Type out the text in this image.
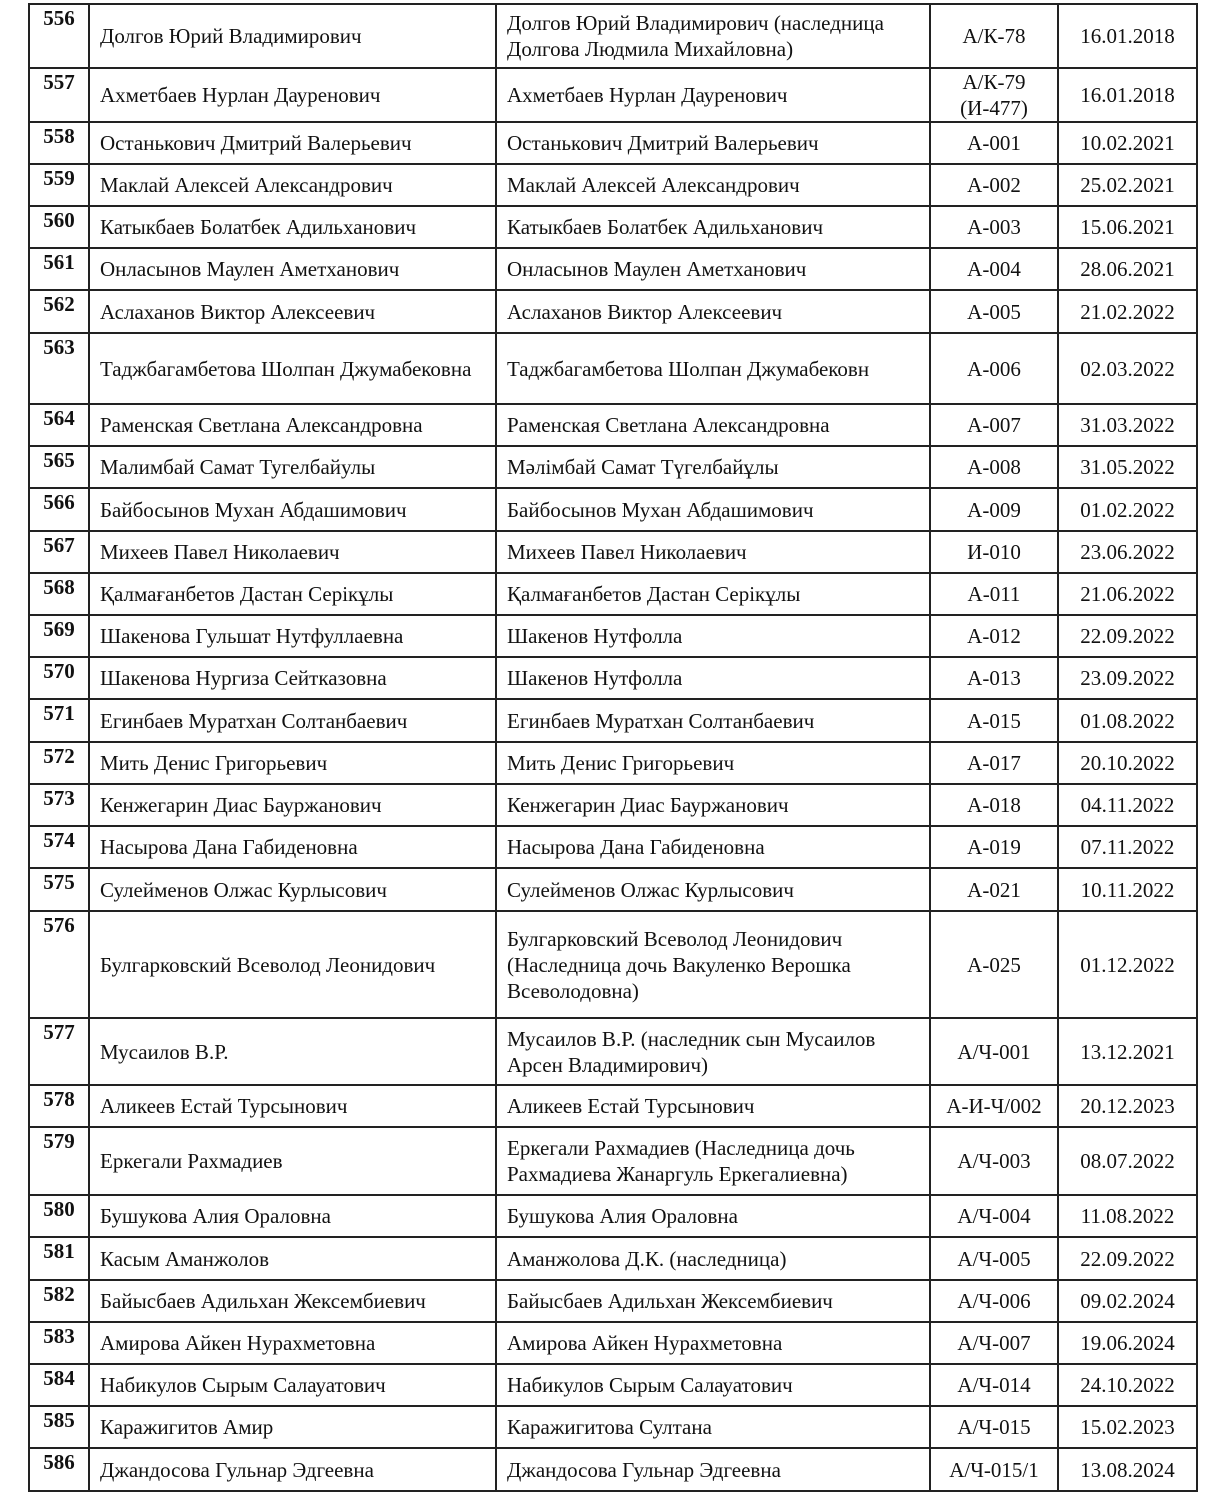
556	Долгов Юрий Владимирович	Долгов Юрий Владимирович (наследница Долгова Людмила Михайловна)	А/К-78	16.01.2018
557	Ахметбаев Нурлан Дауренович	Ахметбаев Нурлан Дауренович	А/К-79 (И-477)	16.01.2018
558	Останькович Дмитрий Валерьевич	Останькович Дмитрий Валерьевич	А-001	10.02.2021
559	Маклай Алексей Александрович	Маклай Алексей Александрович	А-002	25.02.2021
560	Катыкбаев Болатбек Адильханович	Катыкбаев Болатбек Адильханович	А-003	15.06.2021
561	Онласынов Маулен Аметханович	Онласынов Маулен Аметханович	А-004	28.06.2021
562	Аслаханов Виктор Алексеевич	Аслаханов Виктор Алексеевич	А-005	21.02.2022
563	Таджбагамбетова Шолпан Джумабековна	Таджбагамбетова Шолпан Джумабековн	А-006	02.03.2022
564	Раменская Светлана Александровна	Раменская Светлана Александровна	А-007	31.03.2022
565	Малимбай Самат Тугелбайулы	Мәлімбай Самат Түгелбайұлы	А-008	31.05.2022
566	Байбосынов Мухан Абдашимович	Байбосынов Мухан Абдашимович	А-009	01.02.2022
567	Михеев Павел Николаевич	Михеев Павел Николаевич	И-010	23.06.2022
568	Қалмағанбетов Дастан Серікұлы	Қалмағанбетов Дастан Серікұлы	А-011	21.06.2022
569	Шакенова Гульшат Нутфуллаевна	Шакенов Нутфолла	А-012	22.09.2022
570	Шакенова Нургиза Сейтказовна	Шакенов Нутфолла	А-013	23.09.2022
571	Егинбаев Муратхан Солтанбаевич	Егинбаев Муратхан Солтанбаевич	А-015	01.08.2022
572	Мить Денис Григорьевич	Мить Денис Григорьевич	А-017	20.10.2022
573	Кенжегарин Диас Бауржанович	Кенжегарин Диас Бауржанович	А-018	04.11.2022
574	Насырова Дана Габиденовна	Насырова Дана Габиденовна	А-019	07.11.2022
575	Сулейменов Олжас Курлысович	Сулейменов Олжас Курлысович	А-021	10.11.2022
576	Булгарковский Всеволод Леонидович	Булгарковский Всеволод Леонидович (Наследница дочь Вакуленко Верошка Всеволодовна)	А-025	01.12.2022
577	Мусаилов В.Р.	Мусаилов В.Р. (наследник сын Мусаилов Арсен Владимирович)	А/Ч-001	13.12.2021
578	Аликеев Естай Турсынович	Аликеев Естай Турсынович	А-И-Ч/002	20.12.2023
579	Еркегали Рахмадиев	Еркегали Рахмадиев (Наследница дочь Рахмадиева Жанаргуль Еркегалиевна)	А/Ч-003	08.07.2022
580	Бушукова Алия Ораловна	Бушукова Алия Ораловна	А/Ч-004	11.08.2022
581	Касым Аманжолов	Аманжолова Д.К. (наследница)	А/Ч-005	22.09.2022
582	Байысбаев Адильхан Жексембиевич	Байысбаев Адильхан Жексембиевич	А/Ч-006	09.02.2024
583	Амирова Айкен Нурахметовна	Амирова Айкен Нурахметовна	А/Ч-007	19.06.2024
584	Набикулов Сырым Салауатович	Набикулов Сырым Салауатович	А/Ч-014	24.10.2022
585	Каражигитов Амир	Каражигитова Султана	А/Ч-015	15.02.2023
586	Джандосова Гульнар Эдгеевна	Джандосова Гульнар Эдгеевна	А/Ч-015/1	13.08.2024
